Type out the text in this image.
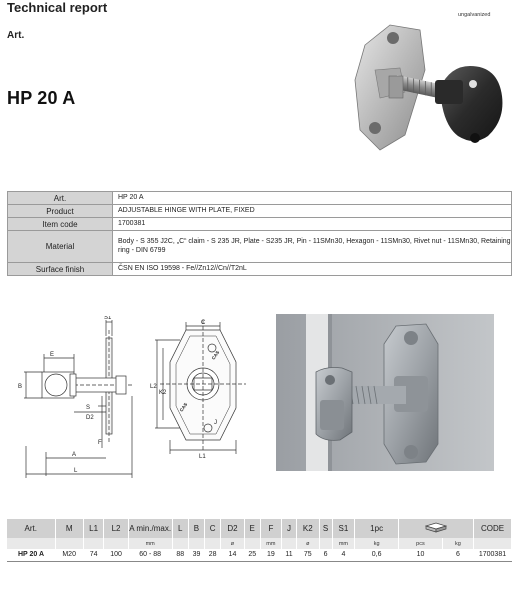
Technical report
Art.
HP 20 A
ungalvanized
Art.	HP 20 A
Product	ADJUSTABLE HINGE WITH PLATE, FIXED
Item code	1700381
Material	Body - S 355 J2C, „C“ claim - S 235 JR, Plate - S235 JR, Pin - 11SMn30, Hexagon - 11SMn30, Rivet nut - 11SMn30, Retaining ring - DIN 6799
Surface finish	ČSN EN ISO 19598 - Fe//Zn12//Cn//T2nL
S1
E
B
S
D2
F
A
L
C
L2
K2
J
L1
CAS
CAS
Art.	M	L1	L2	A min./max.	L	B	C	D2	E	F	J	K2	S	S1	1pc			CODE
				mm				ø		mm		ø		mm	kg	pcs	kg	
HP 20 A	M20	74	100	60 - 88	88	39	28	14	25	19	11	75	6	4	0,6	10	6	1700381
